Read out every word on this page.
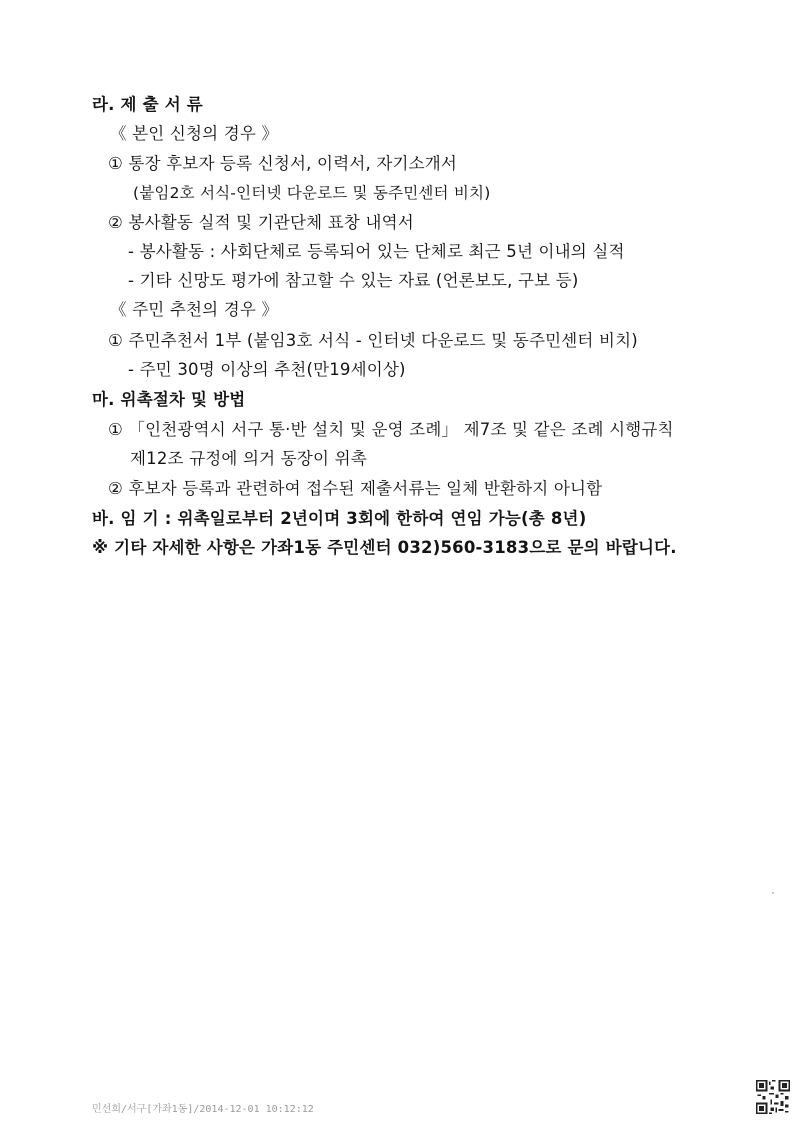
라. 제 출 서 류
《 본인 신청의 경우 》
① 통장 후보자 등록 신청서, 이력서, 자기소개서
(붙임2호 서식-인터넷 다운로드 및 동주민센터 비치)
② 봉사활동 실적 및 기관단체 표창 내역서
- 봉사활동 : 사회단체로 등록되어 있는 단체로 최근 5년 이내의 실적
- 기타 신망도 평가에 참고할 수 있는 자료 (언론보도, 구보 등)
《 주민 추천의 경우 》
① 주민추천서 1부 (붙임3호 서식 - 인터넷 다운로드 및 동주민센터 비치)
- 주민 30명 이상의 추천(만19세이상)
마. 위촉절차 및 방법
① 「인천광역시 서구 통·반 설치 및 운영 조례」 제7조 및 같은 조례 시행규칙
제12조 규정에 의거 동장이 위촉
② 후보자 등록과 관련하여 접수된 제출서류는 일체 반환하지 아니함
바. 임 기 : 위촉일로부터 2년이며 3회에 한하여 연임 가능(총 8년)
※ 기타 자세한 사항은 가좌1동 주민센터 032)560-3183으로 문의 바랍니다.
민선희/서구[가좌1동]/2014-12-01 10:12:12
